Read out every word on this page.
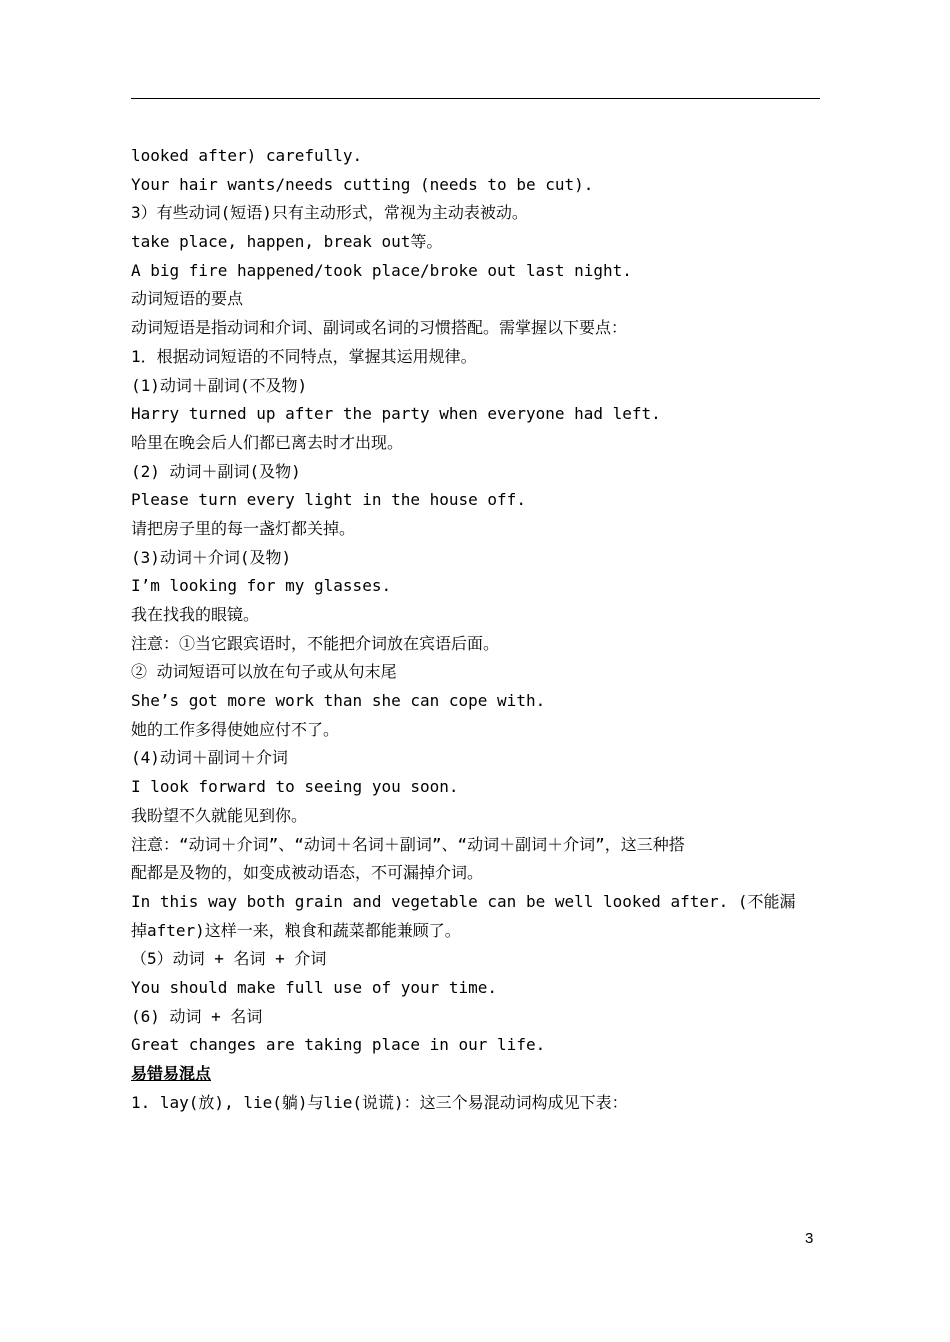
looked after) carefully.
Your hair wants/needs cutting (needs to be cut).
3）有些动词(短语)只有主动形式，常视为主动表被动。
take place, happen, break out等。
A big fire happened/took place/broke out last night.
动词短语的要点
动词短语是指动词和介词、副词或名词的习惯搭配。需掌握以下要点：
1．根据动词短语的不同特点，掌握其运用规律。
(1)动词＋副词(不及物)
Harry turned up after the party when everyone had left.
哈里在晚会后人们都已离去时才出现。
(2) 动词＋副词(及物)
Please turn every light in the house off.
请把房子里的每一盏灯都关掉。
(3)动词＋介词(及物)
I’m looking for my glasses.
我在找我的眼镜。
注意：①当它跟宾语时，不能把介词放在宾语后面。
② 动词短语可以放在句子或从句末尾
She’s got more work than she can cope with.
她的工作多得使她应付不了。
(4)动词＋副词＋介词
I look forward to seeing you soon.
我盼望不久就能见到你。
注意：“动词＋介词”、“动词＋名词＋副词”、“动词＋副词＋介词”，这三种搭
配都是及物的，如变成被动语态，不可漏掉介词。
In this way both grain and vegetable can be well looked after. (不能漏
掉after)这样一来，粮食和蔬菜都能兼顾了。
（5）动词 + 名词 + 介词
You should make full use of your time.
(6) 动词 + 名词
Great changes are taking place in our life.
易错易混点
1. lay(放), lie(躺)与lie(说谎)：这三个易混动词构成见下表：
3
